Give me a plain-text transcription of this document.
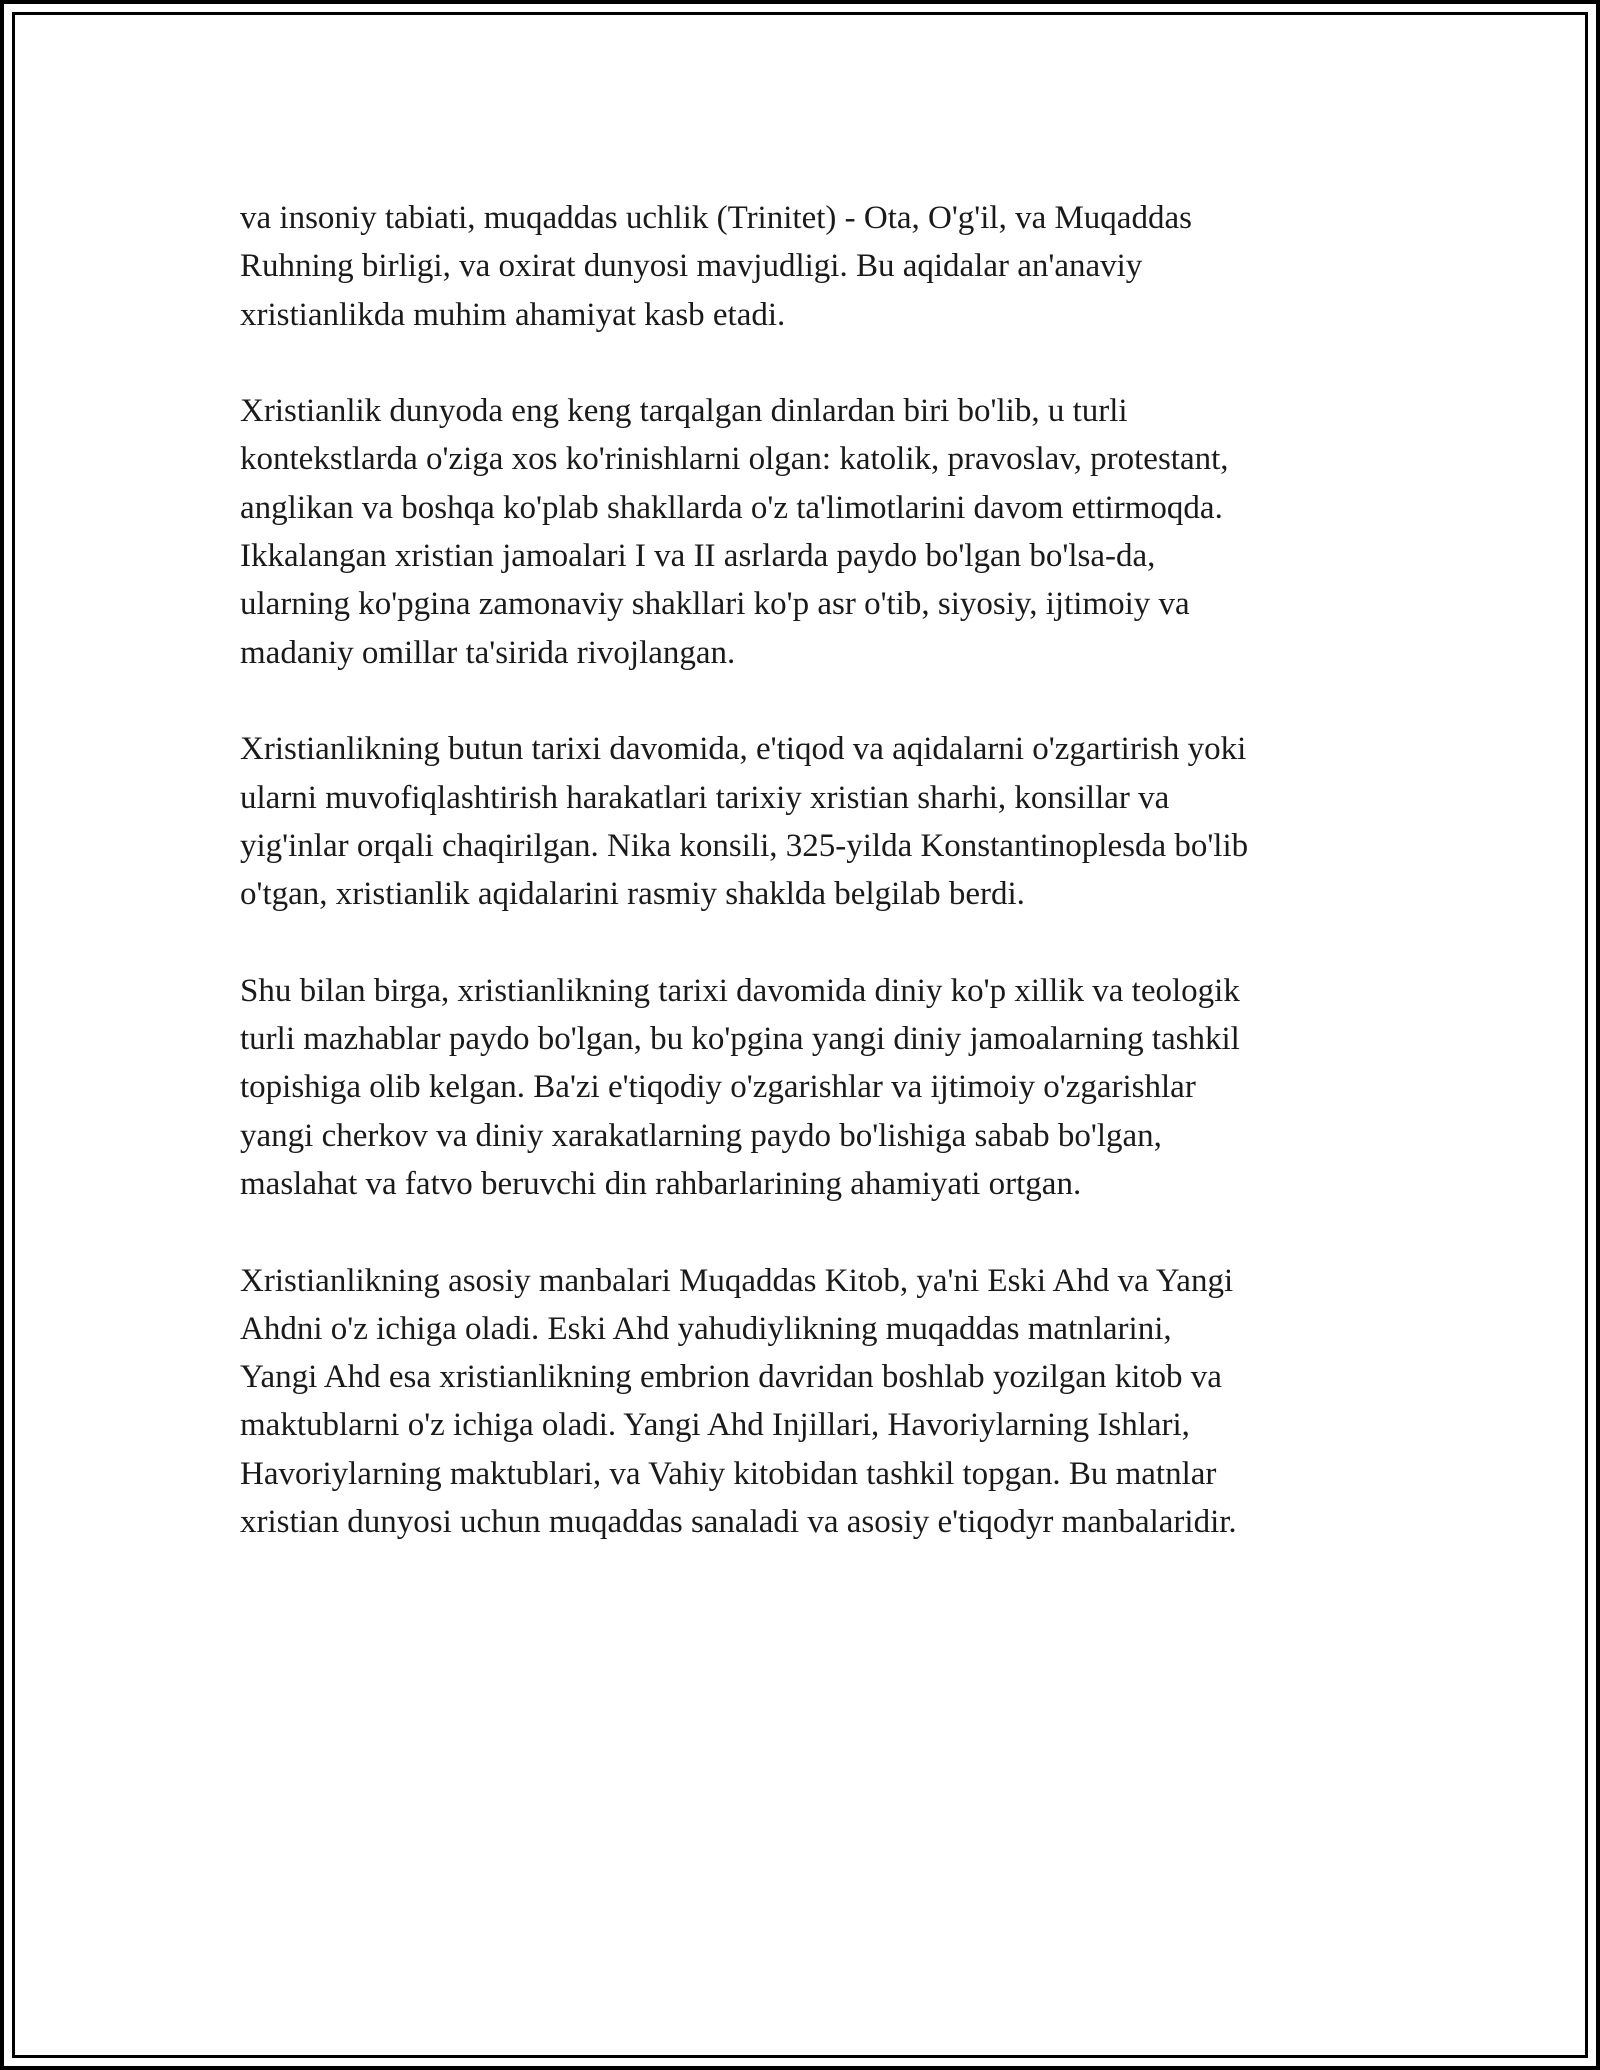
va insoniy tabiati, muqaddas uchlik (Trinitet) - Ota, O'g'il, va Muqaddas
Ruhning birligi, va oxirat dunyosi mavjudligi. Bu aqidalar an'anaviy
xristianlikda muhim ahamiyat kasb etadi.

Xristianlik dunyoda eng keng tarqalgan dinlardan biri bo'lib, u turli
kontekstlarda o'ziga xos ko'rinishlarni olgan: katolik, pravoslav, protestant,
anglikan va boshqa ko'plab shakllarda o'z ta'limotlarini davom ettirmoqda.
Ikkalangan xristian jamoalari I va II asrlarda paydo bo'lgan bo'lsa-da,
ularning ko'pgina zamonaviy shakllari ko'p asr o'tib, siyosiy, ijtimoiy va
madaniy omillar ta'sirida rivojlangan.

Xristianlikning butun tarixi davomida, e'tiqod va aqidalarni o'zgartirish yoki
ularni muvofiqlashtirish harakatlari tarixiy xristian sharhi, konsillar va
yig'inlar orqali chaqirilgan. Nika konsili, 325-yilda Konstantinoplesda bo'lib
o'tgan, xristianlik aqidalarini rasmiy shaklda belgilab berdi.

Shu bilan birga, xristianlikning tarixi davomida diniy ko'p xillik va teologik
turli mazhablar paydo bo'lgan, bu ko'pgina yangi diniy jamoalarning tashkil
topishiga olib kelgan. Ba'zi e'tiqodiy o'zgarishlar va ijtimoiy o'zgarishlar
yangi cherkov va diniy xarakatlarning paydo bo'lishiga sabab bo'lgan,
maslahat va fatvo beruvchi din rahbarlarining ahamiyati ortgan.

Xristianlikning asosiy manbalari Muqaddas Kitob, ya'ni Eski Ahd va Yangi
Ahdni o'z ichiga oladi. Eski Ahd yahudiylikning muqaddas matnlarini,
Yangi Ahd esa xristianlikning embrion davridan boshlab yozilgan kitob va
maktublarni o'z ichiga oladi. Yangi Ahd Injillari, Havoriylarning Ishlari,
Havoriylarning maktublari, va Vahiy kitobidan tashkil topgan. Bu matnlar
xristian dunyosi uchun muqaddas sanaladi va asosiy e'tiqodyr manbalaridir.
